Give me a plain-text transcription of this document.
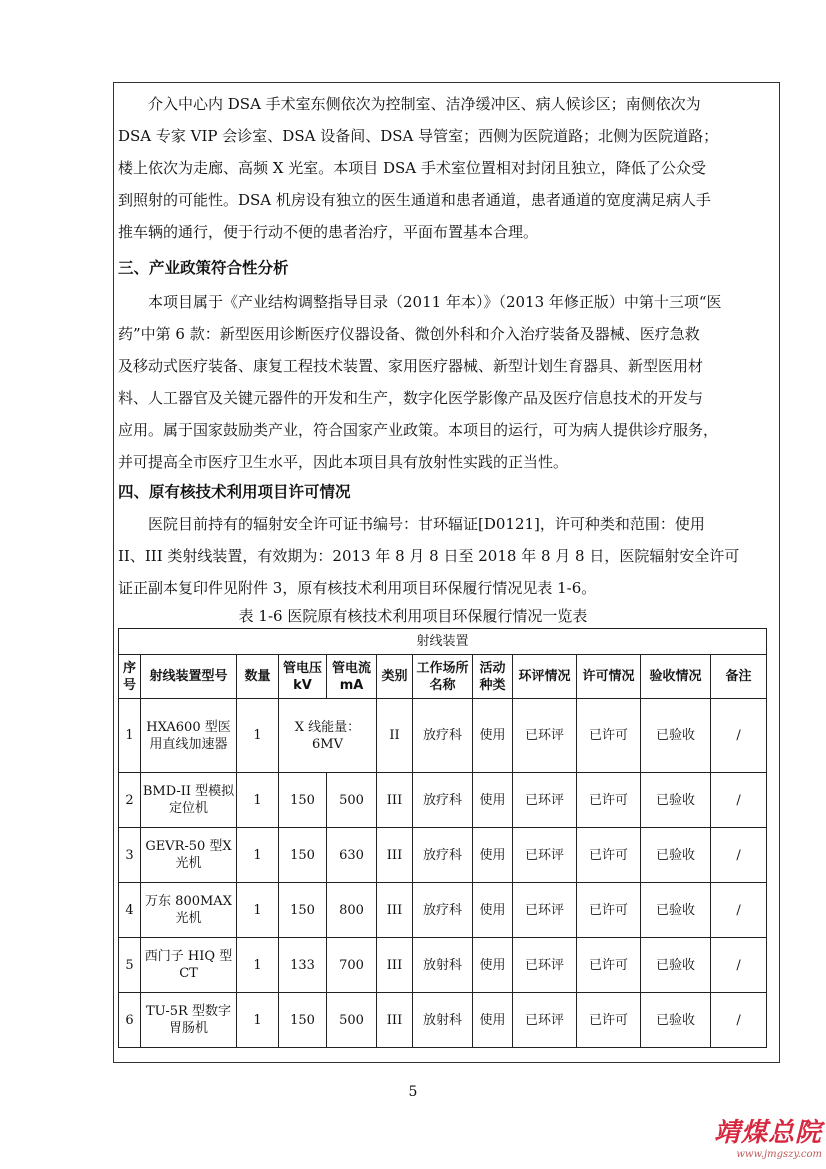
　　介入中心内 DSA 手术室东侧依次为控制室、洁净缓冲区、病人候诊区；南侧依次为
DSA 专家 VIP 会诊室、DSA 设备间、DSA 导管室；西侧为医院道路；北侧为医院道路；
楼上依次为走廊、高频 X 光室。本项目 DSA 手术室位置相对封闭且独立，降低了公众受
到照射的可能性。DSA 机房设有独立的医生通道和患者通道，患者通道的宽度满足病人手
推车辆的通行，便于行动不便的患者治疗，平面布置基本合理。
三、产业政策符合性分析
　　本项目属于《产业结构调整指导目录（2011 年本）》（2013 年修正版）中第十三项“医
药”中第 6 款：新型医用诊断医疗仪器设备、微创外科和介入治疗装备及器械、医疗急救
及移动式医疗装备、康复工程技术装置、家用医疗器械、新型计划生育器具、新型医用材
料、人工器官及关键元器件的开发和生产，数字化医学影像产品及医疗信息技术的开发与
应用。属于国家鼓励类产业，符合国家产业政策。本项目的运行，可为病人提供诊疗服务，
并可提高全市医疗卫生水平，因此本项目具有放射性实践的正当性。
四、原有核技术利用项目许可情况
　　医院目前持有的辐射安全许可证书编号：甘环辐证[D0121]，许可种类和范围：使用
II、III 类射线装置，有效期为：2013 年 8 月 8 日至 2018 年 8 月 8 日，医院辐射安全许可
证正副本复印件见附件 3，原有核技术利用项目环保履行情况见表 1-6。
表 1-6 医院原有核技术利用项目环保履行情况一览表
射线装置											
序号	射线装置型号	数量	管电压kV	管电流mA	类别	工作场所名称	活动种类	环评情况	许可情况	验收情况	备注
1	HXA600 型医用直线加速器	1	X 线能量：6MV		II	放疗科	使用	已环评	已许可	已验收	/
2	BMD-II 型模拟定位机	1	150	500	III	放疗科	使用	已环评	已许可	已验收	/
3	GEVR-50 型X 光机	1	150	630	III	放疗科	使用	已环评	已许可	已验收	/
4	万东 800MAX 光机	1	150	800	III	放疗科	使用	已环评	已许可	已验收	/
5	西门子 HIQ 型CT	1	133	700	III	放射科	使用	已环评	已许可	已验收	/
6	TU-5R 型数字胃肠机	1	150	500	III	放射科	使用	已环评	已许可	已验收	/
5
靖煤总院
www.jmgszy.com
